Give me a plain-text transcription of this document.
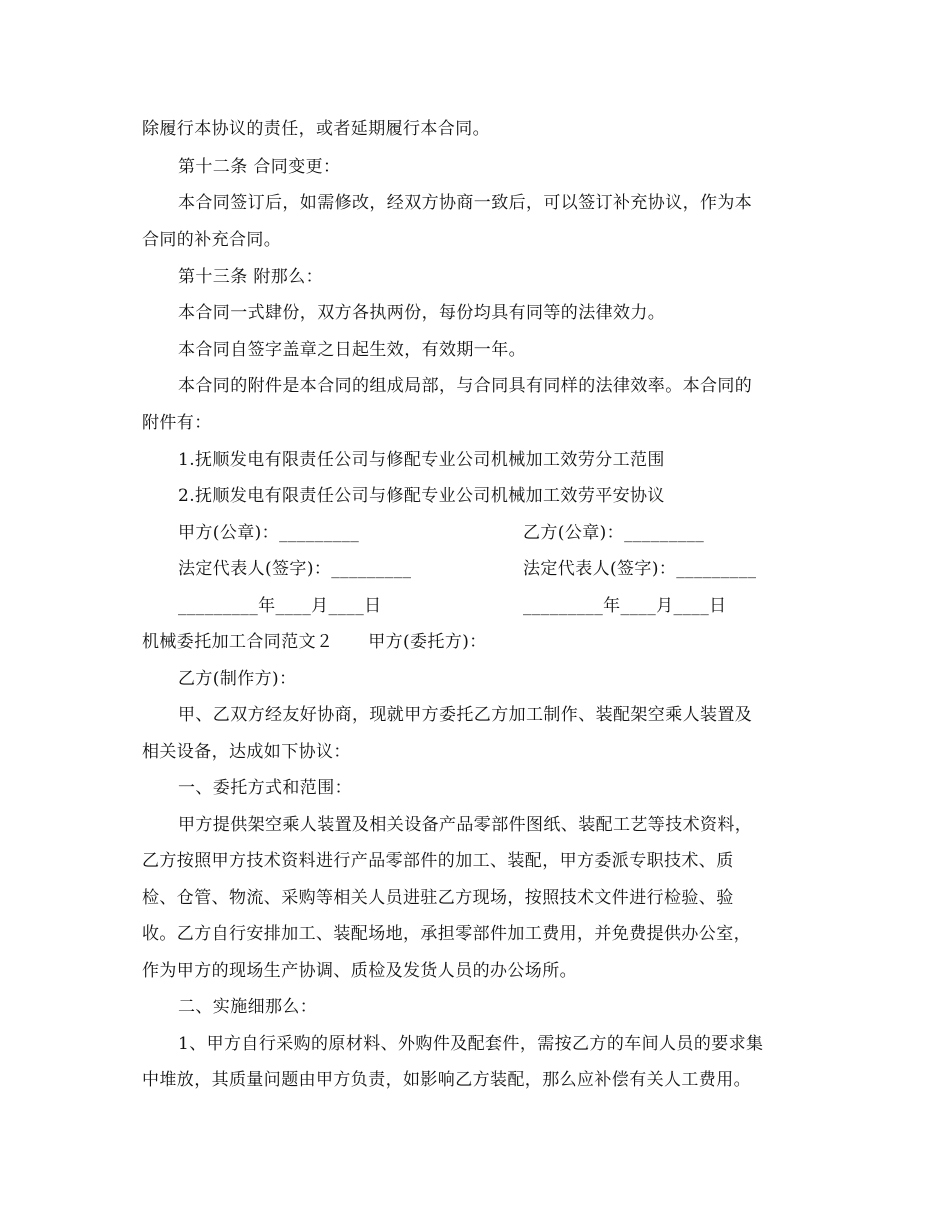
除履行本协议的责任，或者延期履行本合同。
第十二条 合同变更：
本合同签订后，如需修改，经双方协商一致后，可以签订补充协议，作为本
合同的补充合同。
第十三条 附那么：
本合同一式肆份，双方各执两份，每份均具有同等的法律效力。
本合同自签字盖章之日起生效，有效期一年。
本合同的附件是本合同的组成局部，与合同具有同样的法律效率。本合同的
附件有：
1.抚顺发电有限责任公司与修配专业公司机械加工效劳分工范围
2.抚顺发电有限责任公司与修配专业公司机械加工效劳平安协议
甲方(公章)：_________	乙方(公章)：_________
法定代表人(签字)：_________	法定代表人(签字)：_________
_________年____月____日	_________年____月____日
机械委托加工合同范文２　　甲方(委托方)：
乙方(制作方)：
甲、乙双方经友好协商，现就甲方委托乙方加工制作、装配架空乘人装置及
相关设备，达成如下协议：
一、委托方式和范围：
甲方提供架空乘人装置及相关设备产品零部件图纸、装配工艺等技术资料，
乙方按照甲方技术资料进行产品零部件的加工、装配，甲方委派专职技术、质
检、仓管、物流、采购等相关人员进驻乙方现场，按照技术文件进行检验、验
收。乙方自行安排加工、装配场地，承担零部件加工费用，并免费提供办公室，
作为甲方的现场生产协调、质检及发货人员的办公场所。
二、实施细那么：
1、甲方自行采购的原材料、外购件及配套件，需按乙方的车间人员的要求集
中堆放，其质量问题由甲方负责，如影响乙方装配，那么应补偿有关人工费用。
